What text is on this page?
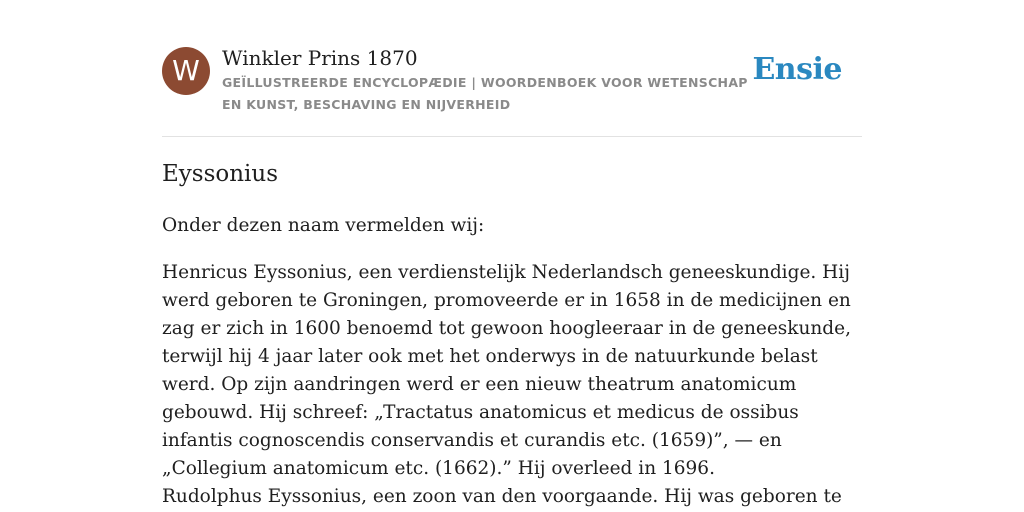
W	Winkler Prins 1870
GEÏLLUSTREERDE ENCYCLOPÆDIE | WOORDENBOEK VOOR WETENSCHAP EN KUNST, BESCHAVING EN NIJVERHEID
Ensie
Eyssonius

Onder dezen naam vermelden wij:

Henricus Eyssonius, een verdienstelijk Nederlandsch geneeskundige. Hij werd geboren te Groningen, promoveerde er in 1658 in de medicijnen en zag er zich in 1600 benoemd tot gewoon hoogleeraar in de geneeskunde, terwijl hij 4 jaar later ook met het onderwys in de natuurkunde belast werd. Op zijn aandringen werd er een nieuw theatrum anatomicum gebouwd. Hij schreef: „Tractatus anatomicus et medicus de ossibus infantis cognoscendis conservandis et curandis etc. (1659)”, — en „Collegium anatomicum etc. (1662).” Hij overleed in 1696.

Rudolphus Eyssonius, een zoon van den voorgaande. Hij was geboren te
